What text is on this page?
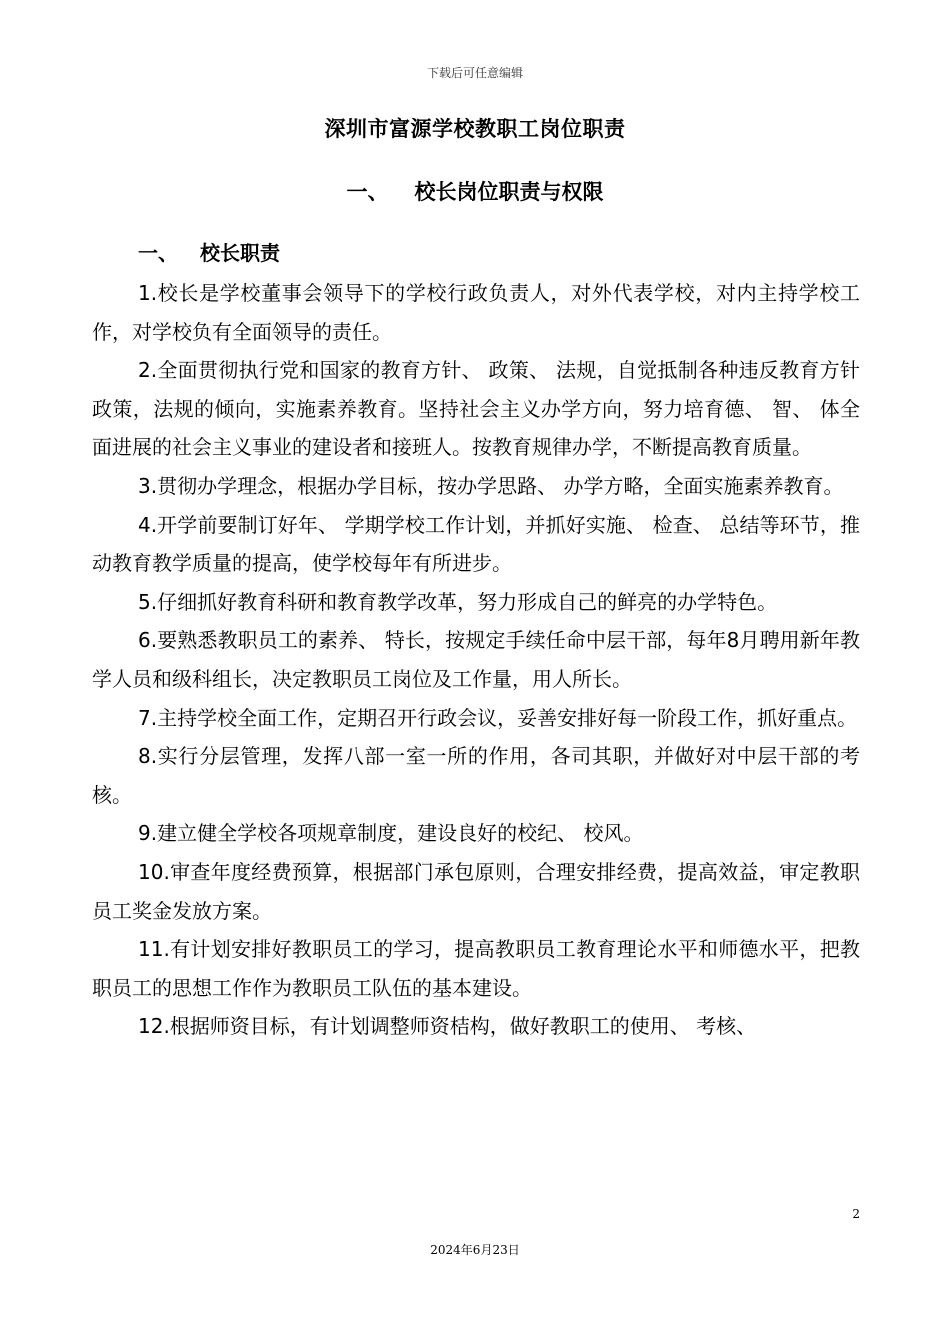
下载后可任意编辑
深圳市富源学校教职工岗位职责
一、 校长岗位职责与权限
一、 校长职责

1.校长是学校董事会领导下的学校行政负责人，对外代表学校，对内主持学校工作，对学校负有全面领导的责任。

2.全面贯彻执行党和国家的教育方针、 政策、 法规，自觉抵制各种违反教育方针政策，法规的倾向，实施素养教育。坚持社会主义办学方向，努力培育德、 智、 体全面进展的社会主义事业的建设者和接班人。按教育规律办学，不断提高教育质量。

3.贯彻办学理念，根据办学目标，按办学思路、 办学方略，全面实施素养教育。

4.开学前要制订好年、 学期学校工作计划，并抓好实施、 检查、 总结等环节，推动教育教学质量的提高，使学校每年有所进步。

5.仔细抓好教育科研和教育教学改革，努力形成自己的鲜亮的办学特色。

6.要熟悉教职员工的素养、 特长，按规定手续任命中层干部，每年8月聘用新年教学人员和级科组长，决定教职员工岗位及工作量，用人所长。

7.主持学校全面工作，定期召开行政会议，妥善安排好每一阶段工作，抓好重点。

8.实行分层管理，发挥八部一室一所的作用，各司其职，并做好对中层干部的考核。

9.建立健全学校各项规章制度，建设良好的校纪、 校风。

10.审查年度经费预算，根据部门承包原则，合理安排经费，提高效益，审定教职员工奖金发放方案。

11.有计划安排好教职员工的学习，提高教职员工教育理论水平和师德水平，把教职员工的思想工作作为教职员工队伍的基本建设。

12.根据师资目标，有计划调整师资桔构，做好教职工的使用、 考核、

2
2024年6月23日
